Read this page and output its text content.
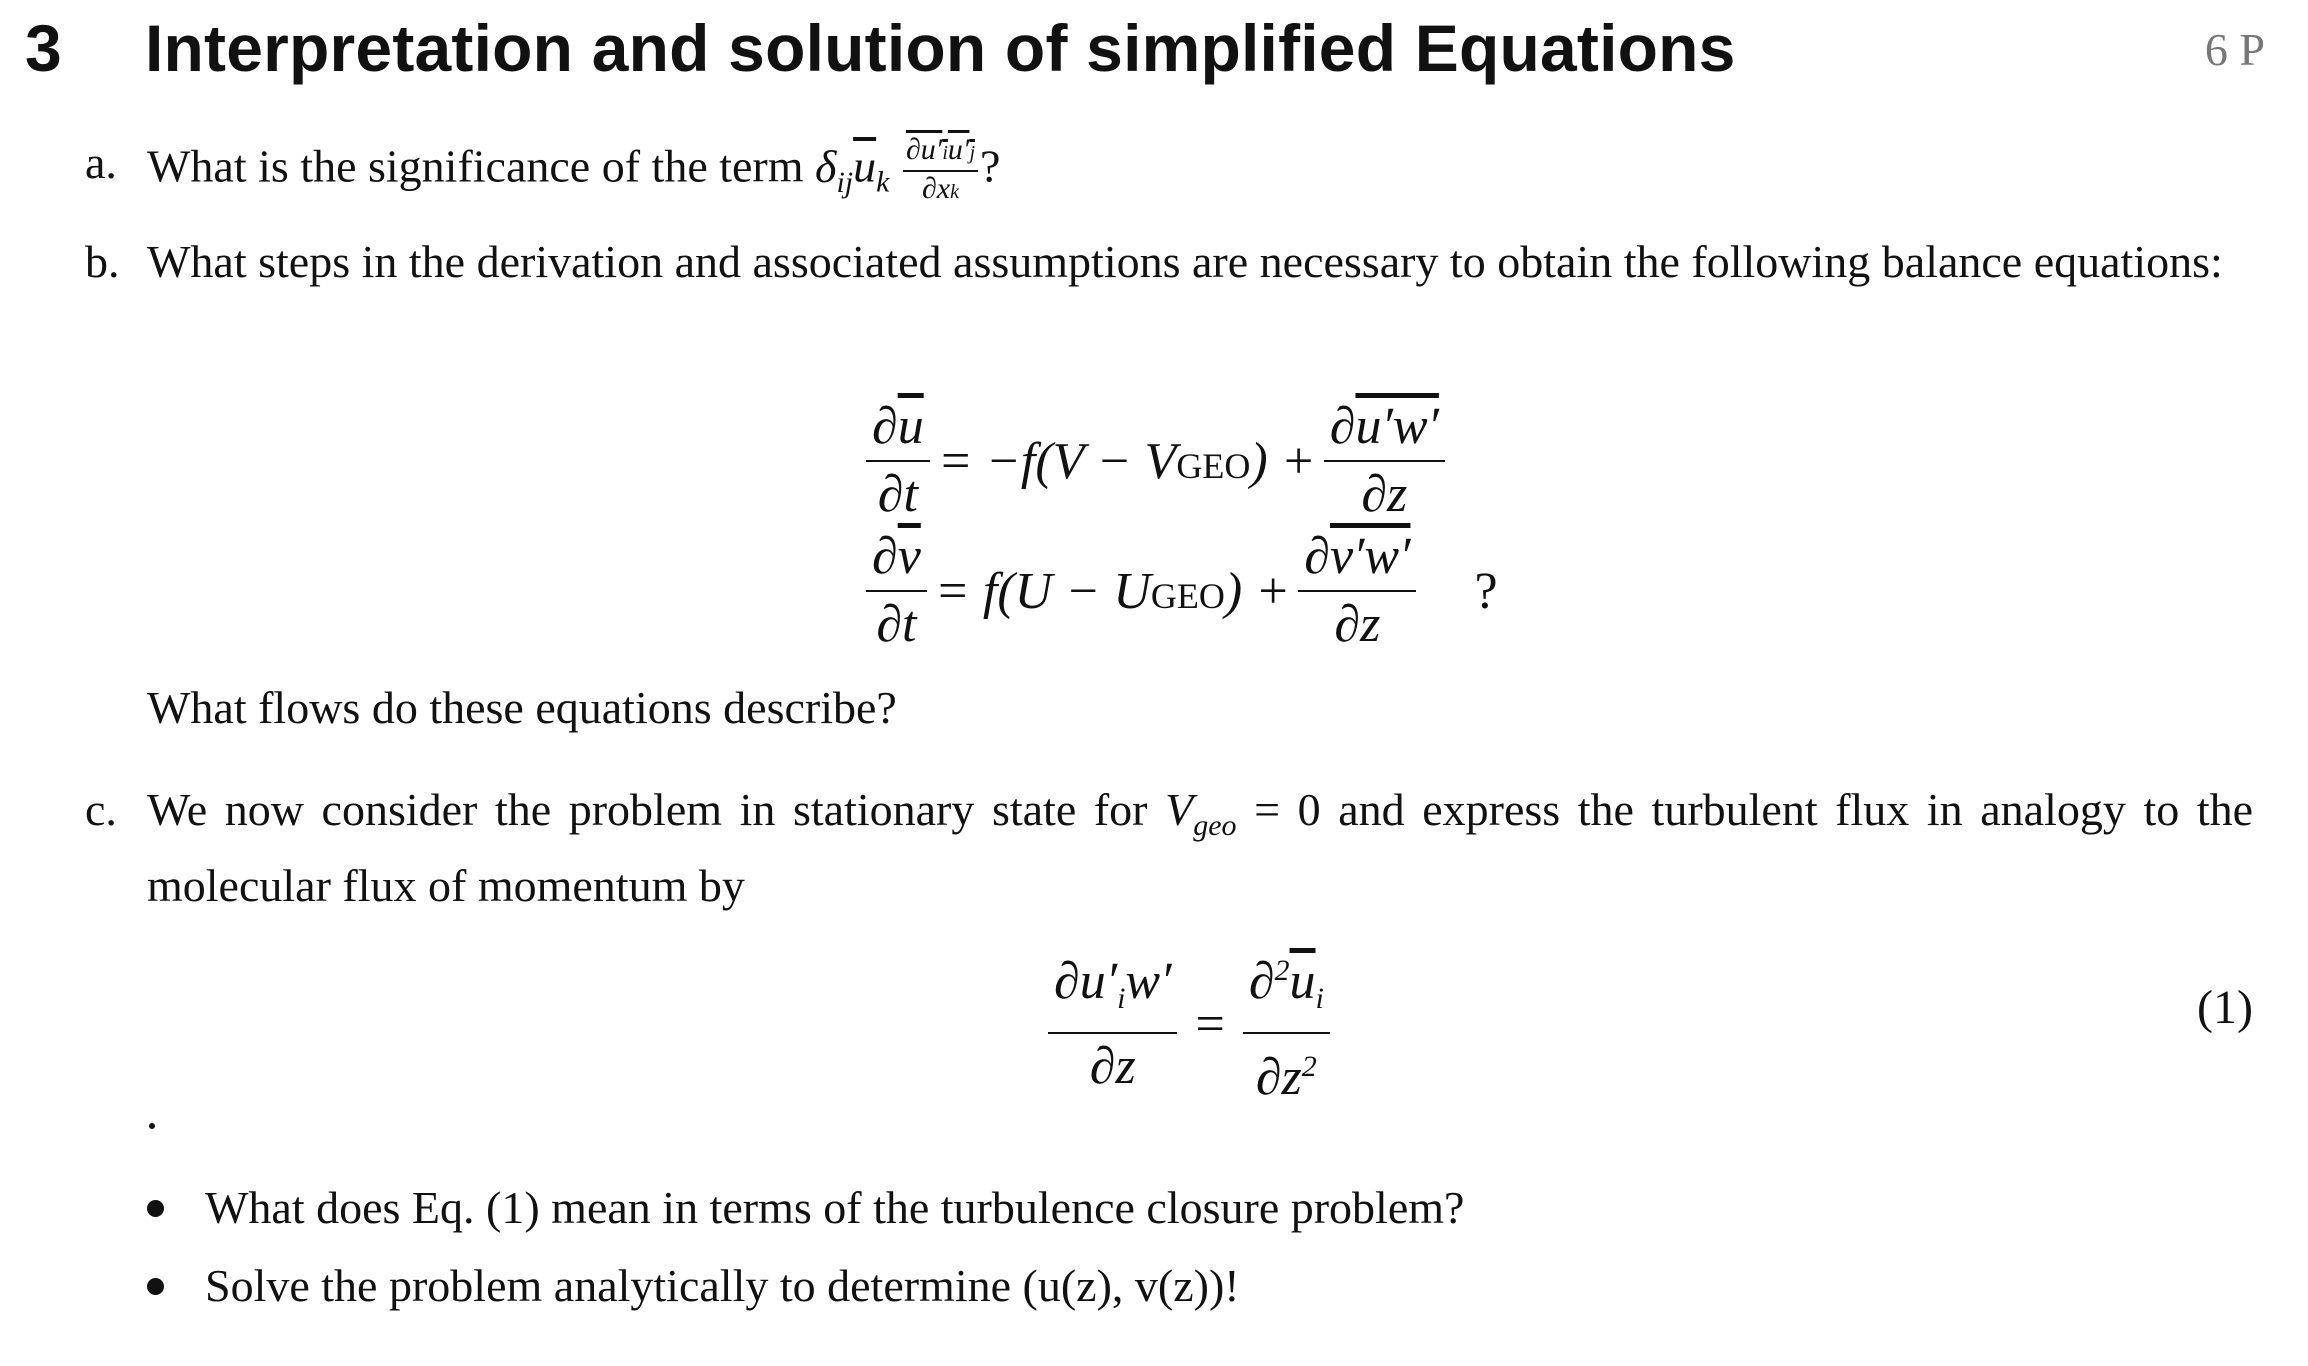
3 Interpretation and solution of simplified Equations	6 P
a. What is the significance of the term $\delta_{ij}\overline{u}_k \frac{\partial u'iu'j}{\partial xk}$ ?
b. What steps in the derivation and associated assumptions are necessary to obtain the following balance equations:
$\frac{\partial\overline{u}}{\partial t} = -f(V$ − VGEO) + $\frac{\partial u'w'}{\partial z}$
$\frac{\partial\overline{v}}{\partial t} = f(U$ − UGEO) + $\frac{\partial v'w'}{\partial z}$ ?
What flows do these equations describe?
c. We now consider the problem in stationary state for $V_{geo} = 0$ and express the turbulent flux in analogy to the molecular flux of momentum by
$\frac{\partial u'iw'}{\partial z} = \frac{\partial^2\overline{u}i}{\partial z^2}$	(1)
What does Eq. (1) mean in terms of the turbulence closure problem?
Solve the problem analytically to determine (u(z), v(z))!
